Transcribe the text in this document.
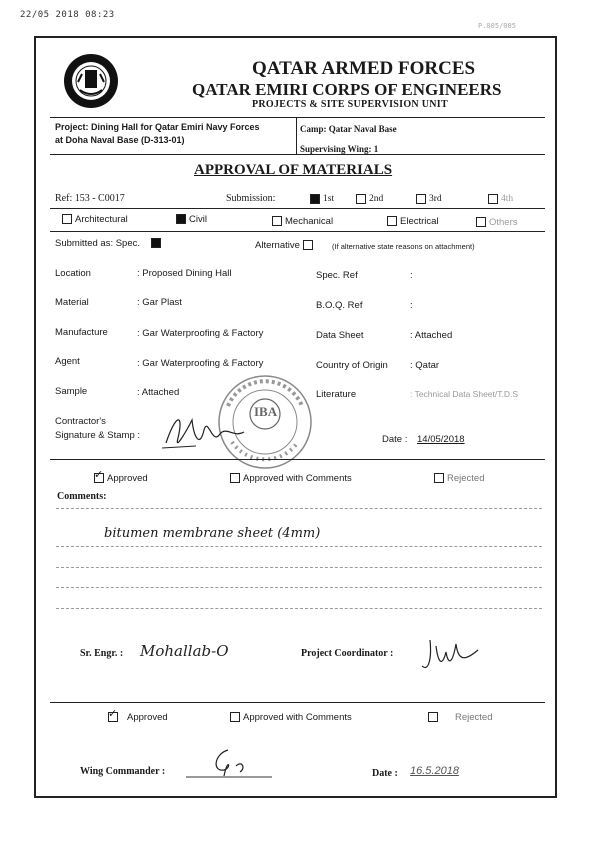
22/05 2018 08:23
P.005/005
QATAR ARMED FORCES
QATAR EMIRI CORPS OF ENGINEERS
PROJECTS & SITE SUPERVISION UNIT
Project: Dining Hall for Qatar Emiri Navy Forces
at Doha Naval Base (D-313-01)
Camp: Qatar Naval Base
Supervising Wing: 1
APPROVAL OF MATERIALS
Ref: 153 - C0017	Submission:	1st	2nd	3rd	4th
Architectural	Civil	Mechanical	Electrical	Others
Submitted as: Spec.	Alternative	(If alternative state reasons on attachment)
Location	: Proposed Dining Hall	Spec. Ref	:
Material	: Gar Plast	B.O.Q. Ref	:
Manufacture	: Gar Waterproofing & Factory	Data Sheet	: Attached
Agent	: Gar Waterproofing & Factory	Country of Origin : Qatar
Sample	: Attached	Literature	: Technical Data Sheet/T.D.S
Contractor's
Signature & Stamp :
IBA
Date : 14/05/2018
✓ Approved	Approved with Comments	Rejected
Comments:
bitumen membrane sheet (4mm)
Sr. Engr. : Mohallab-O	Project Coordinator :
✓ Approved	Approved with Comments	Rejected
Wing Commander :	Date : 16.5.2018
